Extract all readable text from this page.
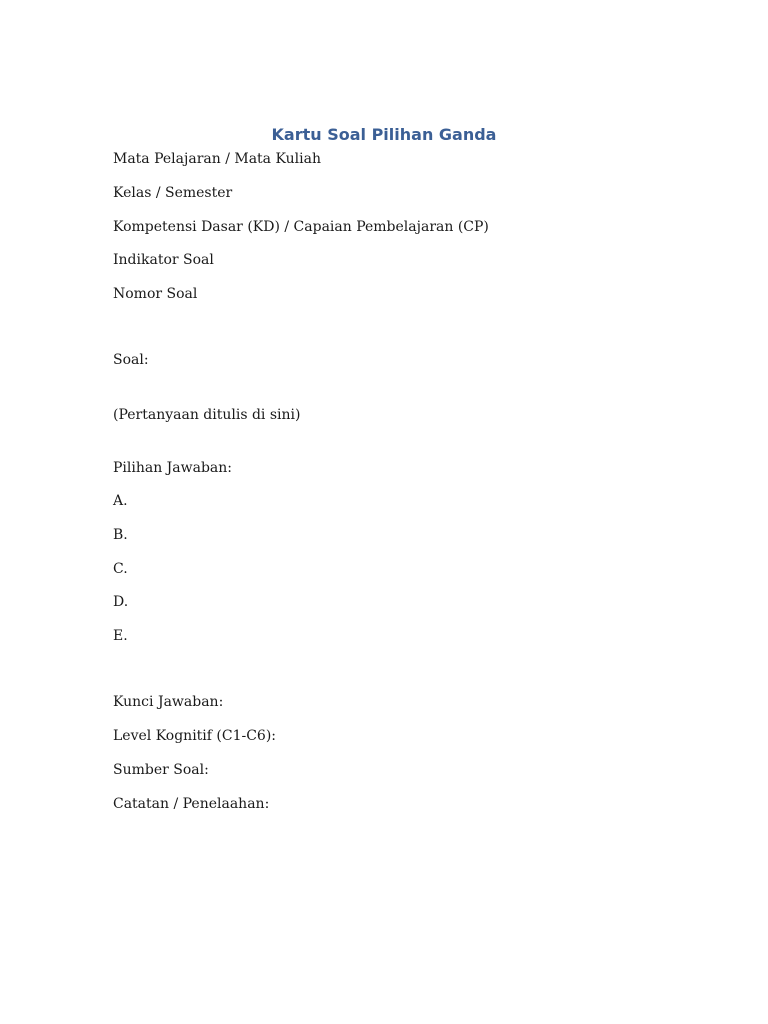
Kartu Soal Pilihan Ganda

Mata Pelajaran / Mata Kuliah

Kelas / Semester

Kompetensi Dasar (KD) / Capaian Pembelajaran (CP)

Indikator Soal

Nomor Soal

Soal:

(Pertanyaan ditulis di sini)

Pilihan Jawaban:

A.

B.

C.

D.

E.

Kunci Jawaban:

Level Kognitif (C1-C6):

Sumber Soal:

Catatan / Penelaahan:
